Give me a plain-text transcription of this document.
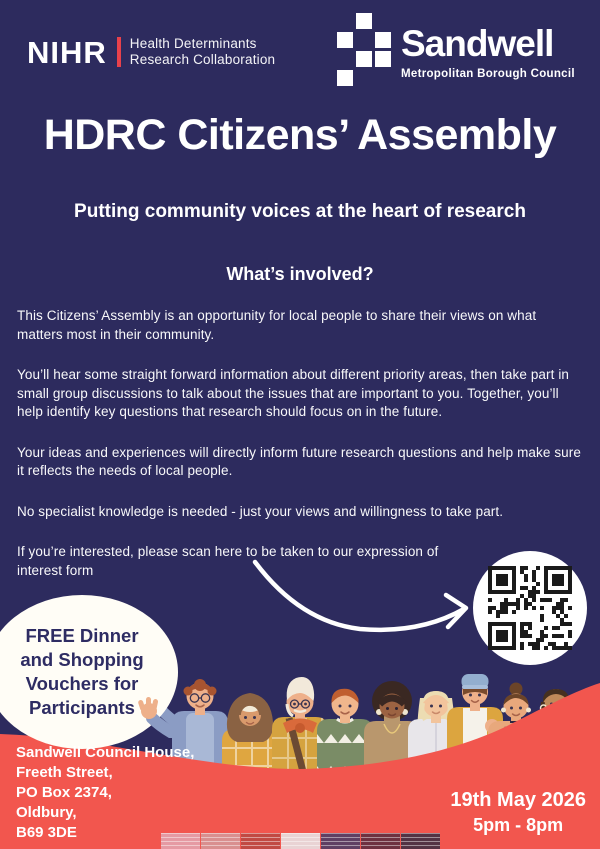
NIHR Health Determinants
Research Collaboration	Sandwell
Metropolitan Borough Council
HDRC Citizens’ Assembly
Putting community voices at the heart of research
What’s involved?

This Citizens’ Assembly is an opportunity for local people to share their views on what matters most in their community.

You’ll hear some straight forward information about different priority areas, then take part in small group discussions to talk about the issues that are important to you. Together, you’ll help identify key questions that research should focus on in the future.

Your ideas and experiences will directly inform future research questions and help make sure it reflects the needs of local people.

No specialist knowledge is needed - just your views and willingness to take part.

If you’re interested, please scan here to be taken to our expression of interest form

FREE Dinner
and Shopping
Vouchers for
Participants
Sandwell Council House,
Freeth Street,
PO Box 2374,
Oldbury,
B69 3DE
19th May 2026
5pm - 8pm
